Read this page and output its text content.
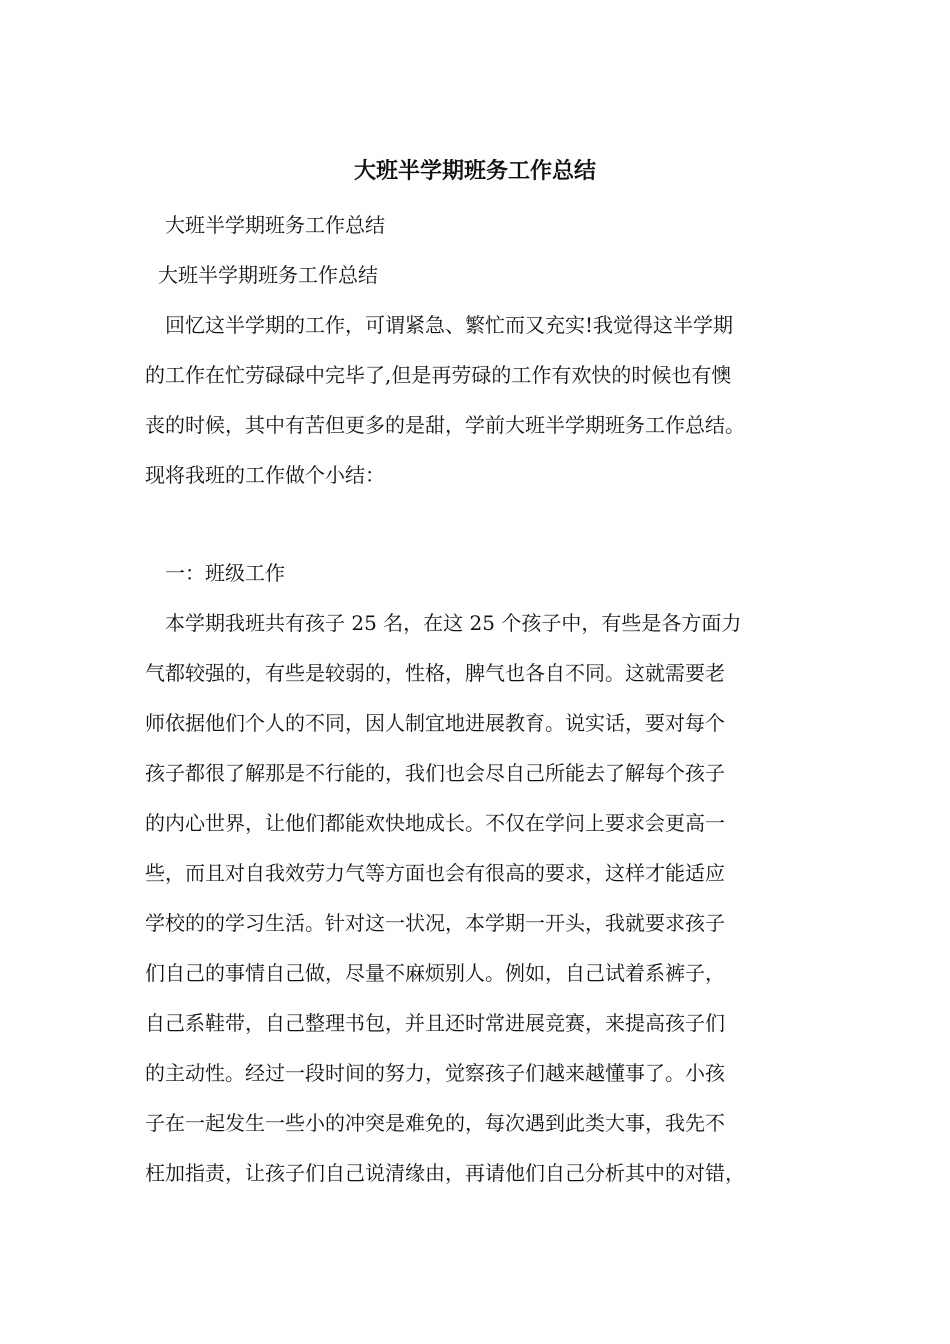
大班半学期班务工作总结
大班半学期班务工作总结
大班半学期班务工作总结
回忆这半学期的工作，可谓紧急、繁忙而又充实!我觉得这半学期
的工作在忙劳碌碌中完毕了,但是再劳碌的工作有欢快的时候也有懊
丧的时候，其中有苦但更多的是甜，学前大班半学期班务工作总结。
现将我班的工作做个小结：
一：班级工作
本学期我班共有孩子 25 名，在这 25 个孩子中，有些是各方面力
气都较强的，有些是较弱的，性格，脾气也各自不同。这就需要老
师依据他们个人的不同，因人制宜地进展教育。说实话，要对每个
孩子都很了解那是不行能的，我们也会尽自己所能去了解每个孩子
的内心世界，让他们都能欢快地成长。不仅在学问上要求会更高一
些，而且对自我效劳力气等方面也会有很高的要求，这样才能适应
学校的的学习生活。针对这一状况，本学期一开头，我就要求孩子
们自己的事情自己做，尽量不麻烦别人。例如，自己试着系裤子，
自己系鞋带，自己整理书包，并且还时常进展竞赛，来提高孩子们
的主动性。经过一段时间的努力，觉察孩子们越来越懂事了。小孩
子在一起发生一些小的冲突是难免的，每次遇到此类大事，我先不
枉加指责，让孩子们自己说清缘由，再请他们自己分析其中的对错，
